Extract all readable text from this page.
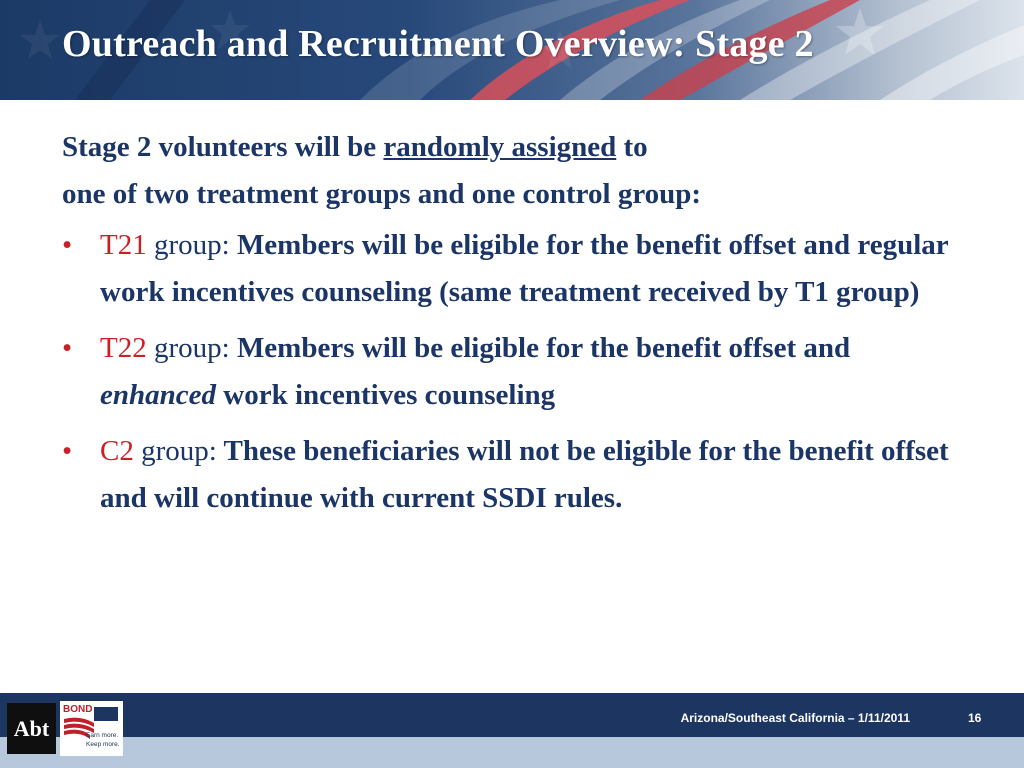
Outreach and Recruitment Overview: Stage 2

Stage 2 volunteers will be randomly assigned to
one of two treatment groups and one control group:

• T21 group: Members will be eligible for the benefit offset and regular work incentives counseling (same treatment received by T1 group)
• T22 group: Members will be eligible for the benefit offset and enhanced work incentives counseling
• C2 group: These beneficiaries will not be eligible for the benefit offset and will continue with current SSDI rules.
Abt
BOND
Earn more.
Keep more.
Arizona/Southeast California – 1/11/2011	16
